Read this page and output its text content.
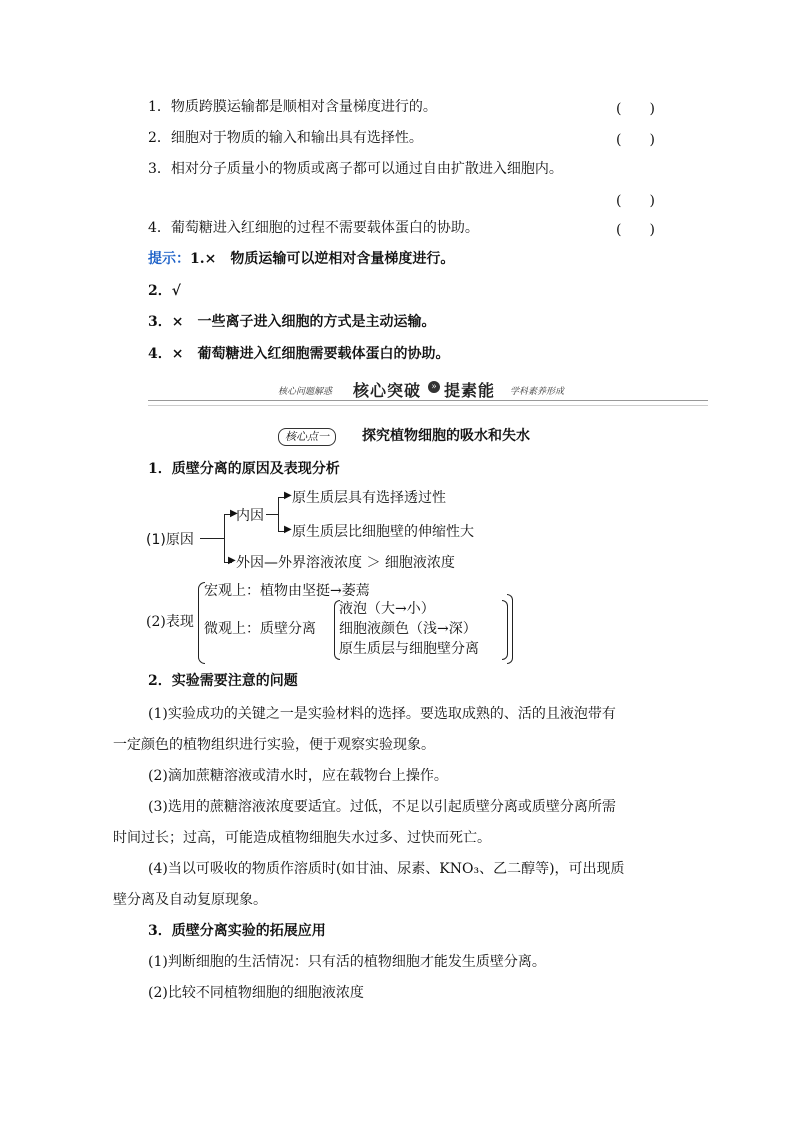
1．物质跨膜运输都是顺相对含量梯度进行的。	(　　)
2．细胞对于物质的输入和输出具有选择性。	(　　)
3．相对分子质量小的物质或离子都可以通过自由扩散进入细胞内。
(　　)
4．葡萄糖进入红细胞的过程不需要载体蛋白的协助。	(　　)
提示：1.×　物质运输可以逆相对含量梯度进行。
2．√
3．×　一些离子进入细胞的方式是主动运输。
4．×　葡萄糖进入红细胞需要载体蛋白的协助。
核心问题解惑 核心突破	» 提素能 学科素养形成
核心点一	探究植物细胞的吸水和失水
1．质壁分离的原因及表现分析
(1)原因
▶
内因
▶ 原生质层具有选择透过性
▶ 原生质层比细胞壁的伸缩性大
▶ 外因—外界溶液浓度 ＞ 细胞液浓度
(2)表现
宏观上：植物由坚挺→萎蔫
微观上：质壁分离
液泡（大→小）
细胞液颜色（浅→深）
原生质层与细胞壁分离
2．实验需要注意的问题
(1)实验成功的关键之一是实验材料的选择。要选取成熟的、活的且液泡带有
一定颜色的植物组织进行实验，便于观察实验现象。
(2)滴加蔗糖溶液或清水时，应在载物台上操作。
(3)选用的蔗糖溶液浓度要适宜。过低，不足以引起质壁分离或质壁分离所需
时间过长；过高，可能造成植物细胞失水过多、过快而死亡。
(4)当以可吸收的物质作溶质时(如甘油、尿素、KNO₃、乙二醇等)，可出现质
壁分离及自动复原现象。
3．质壁分离实验的拓展应用
(1)判断细胞的生活情况：只有活的植物细胞才能发生质壁分离。
(2)比较不同植物细胞的细胞液浓度
